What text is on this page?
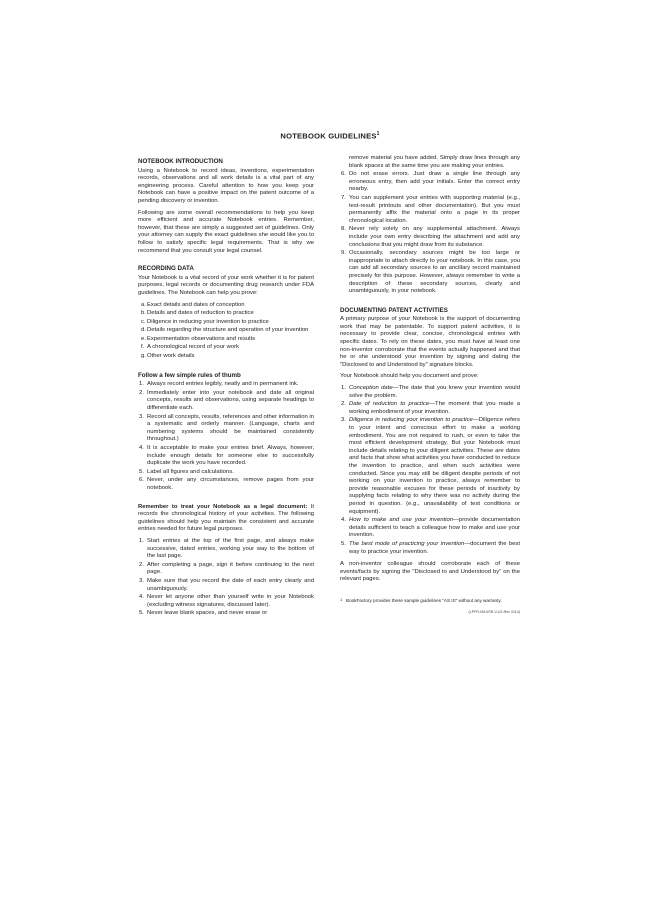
NOTEBOOK GUIDELINES$^1$
NOTEBOOK INTRODUCTION

Using a Notebook to record ideas, inventions, experimentation records, observations and all work details is a vital part of any engineering process. Careful attention to how you keep your Notebook can have a positive impact on the patent outcome of a pending discovery or invention.

Following are some overall recommendations to help you keep more efficient and accurate Notebook entries. Remember, however, that these are simply a suggested set of guidelines. Only your attorney can supply the exact guidelines she would like you to follow to satisfy specific legal requirements. That is why we recommend that you consult your legal counsel.

RECORDING DATA

Your Notebook is a vital record of your work whether it is for patent purposes, legal records or documenting drug research under FDA guidelines. The Notebook can help you prove:

a. Exact details and dates of conception
b. Details and dates of reduction to practice
c. Diligence in reducing your invention to practice
d. Details regarding the structure and operation of your invention
e. Experimentation observations and results
f. A chronological record of your work
g. Other work details
Follow a few simple rules of thumb
1. Always record entries legibly, neatly and in permanent ink.
2. Immediately enter into your notebook and date all original concepts, results and observations, using separate headings to differentiate each.
3. Record all concepts, results, references and other information in a systematic and orderly manner. (Language, charts and numbering systems should be maintained consistently throughout.)
4. It is acceptable to make your entries brief. Always, however, include enough details for someone else to successfully duplicate the work you have recorded.
5. Label all figures and calculations.
6. Never, under any circumstances, remove pages from your notebook.

Remember to treat your Notebook as a legal document: It records the chronological history of your activities. The following guidelines should help you maintain the consistent and accurate entries needed for future legal purposes.

1. Start entries at the top of the first page, and always make successive, dated entries, working your way to the bottom of the last page.
2. After completing a page, sign it before continuing to the next page.
3. Make sure that you record the date of each entry clearly and unambiguously.
4. Never let anyone other than yourself write in your Notebook (excluding witness signatures, discussed later).
5. Never leave blank spaces, and never erase or
remove material you have added. Simply draw lines through any blank spaces at the same time you are making your entries.
6. Do not erase errors. Just draw a single line through any erroneous entry, then add your initials. Enter the correct entry nearby.
7. You can supplement your entries with supporting material (e.g., test-result printouts and other documentation). But you must permanently affix the material onto a page in its proper chronological location.
8. Never rely solely on any supplemental attachment. Always include your own entry describing the attachment and add any conclusions that you might draw from its substance.
9. Occasionally, secondary sources might be too large or inappropriate to attach directly to your notebook. In this case, you can add all secondary sources to an ancillary record maintained precisely for this purpose. However, always remember to write a description of these secondary sources, clearly and unambiguously, in your notebook.
DOCUMENTING PATENT ACTIVITIES

A primary purpose of your Notebook is the support of documenting work that may be patentable. To support patent activities, it is necessary to provide clear, concise, chronological entries with specific dates. To rely on these dates, you must have at least one non-inventor corroborate that the events actually happened and that he or she understood your invention by signing and dating the "Disclosed to and Understood by" signature blocks.

Your Notebook should help you document and prove:

1. Conception date—The date that you knew your invention would solve the problem.
2. Date of reduction to practice—The moment that you made a working embodiment of your invention.
3. Diligence in reducing your invention to practice—Diligence refers to your intent and conscious effort to make a working embodiment. You are not required to rush, or even to take the most efficient development strategy. But your Notebook must include details relating to your diligent activities. These are dates and facts that show what activities you have conducted to reduce the invention to practice, and when such activities were conducted. Since you may still be diligent despite periods of not working on your invention to practice, always remember to provide reasonable excuses for these periods of inactivity by supplying facts relating to why there was no activity during the period in question. (e.g., unavailability of test conditions or equipment).
4. How to make and use your invention—provide documentation details sufficient to teach a colleague how to make and use your invention.
5. The best mode of practicing your invention—document the best way to practice your invention.

A non-inventor colleague should corroborate each of these events/facts by signing the "Disclosed to and Understood by" on the relevant pages.

1 BookFactory provides these sample guidelines "AS IS" without any warranty.
(LPFR-0M-0SR-V-U2-Rev 0114)
